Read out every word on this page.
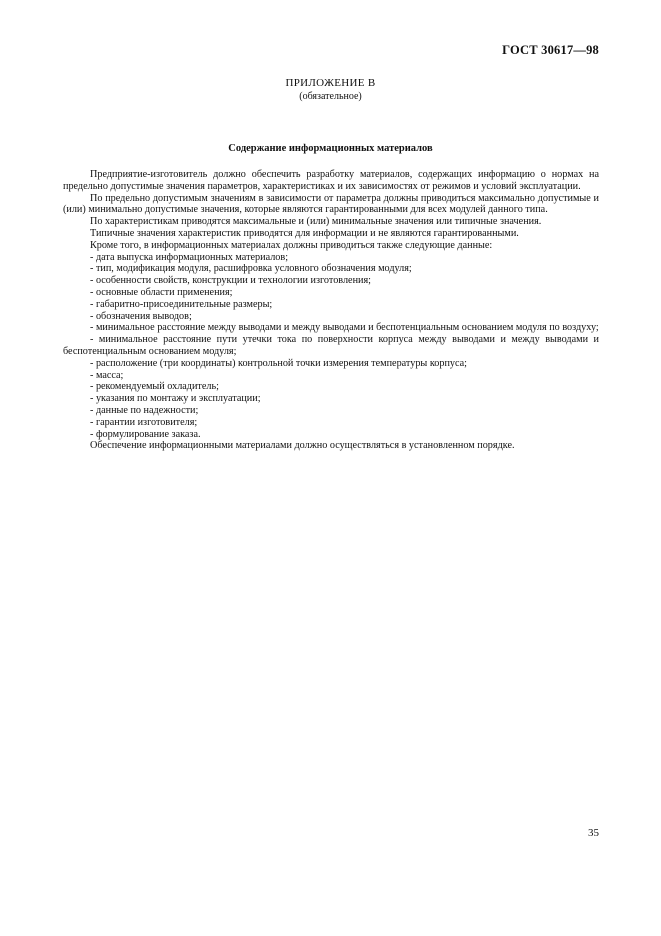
ГОСТ 30617—98
ПРИЛОЖЕНИЕ В
(обязательное)
Содержание информационных материалов

Предприятие-изготовитель должно обеспечить разработку материалов, содержащих информацию о нормах на предельно допустимые значения параметров, характеристиках и их зависимостях от режимов и условий эксплуатации.

По предельно допустимым значениям в зависимости от параметра должны приводиться максимально допустимые и (или) минимально допустимые значения, которые являются гарантированными для всех модулей данного типа.

По характеристикам приводятся максимальные и (или) минимальные значения или типичные значения.

Типичные значения характеристик приводятся для информации и не являются гарантированными.

Кроме того, в информационных материалах должны приводиться также следующие данные:

- дата выпуска информационных материалов;

- тип, модификация модуля, расшифровка условного обозначения модуля;

- особенности свойств, конструкции и технологии изготовления;

- основные области применения;

- габаритно-присоединительные размеры;

- обозначения выводов;

- минимальное расстояние между выводами и между выводами и беспотенциальным основанием модуля по воздуху;

- минимальное расстояние пути утечки тока по поверхности корпуса между выводами и между выводами и беспотенциальным основанием модуля;

- расположение (три координаты) контрольной точки измерения температуры корпуса;

- масса;

- рекомендуемый охладитель;

- указания по монтажу и эксплуатации;

- данные по надежности;

- гарантии изготовителя;

- формулирование заказа.

Обеспечение информационными материалами должно осуществляться в установленном порядке.

35
